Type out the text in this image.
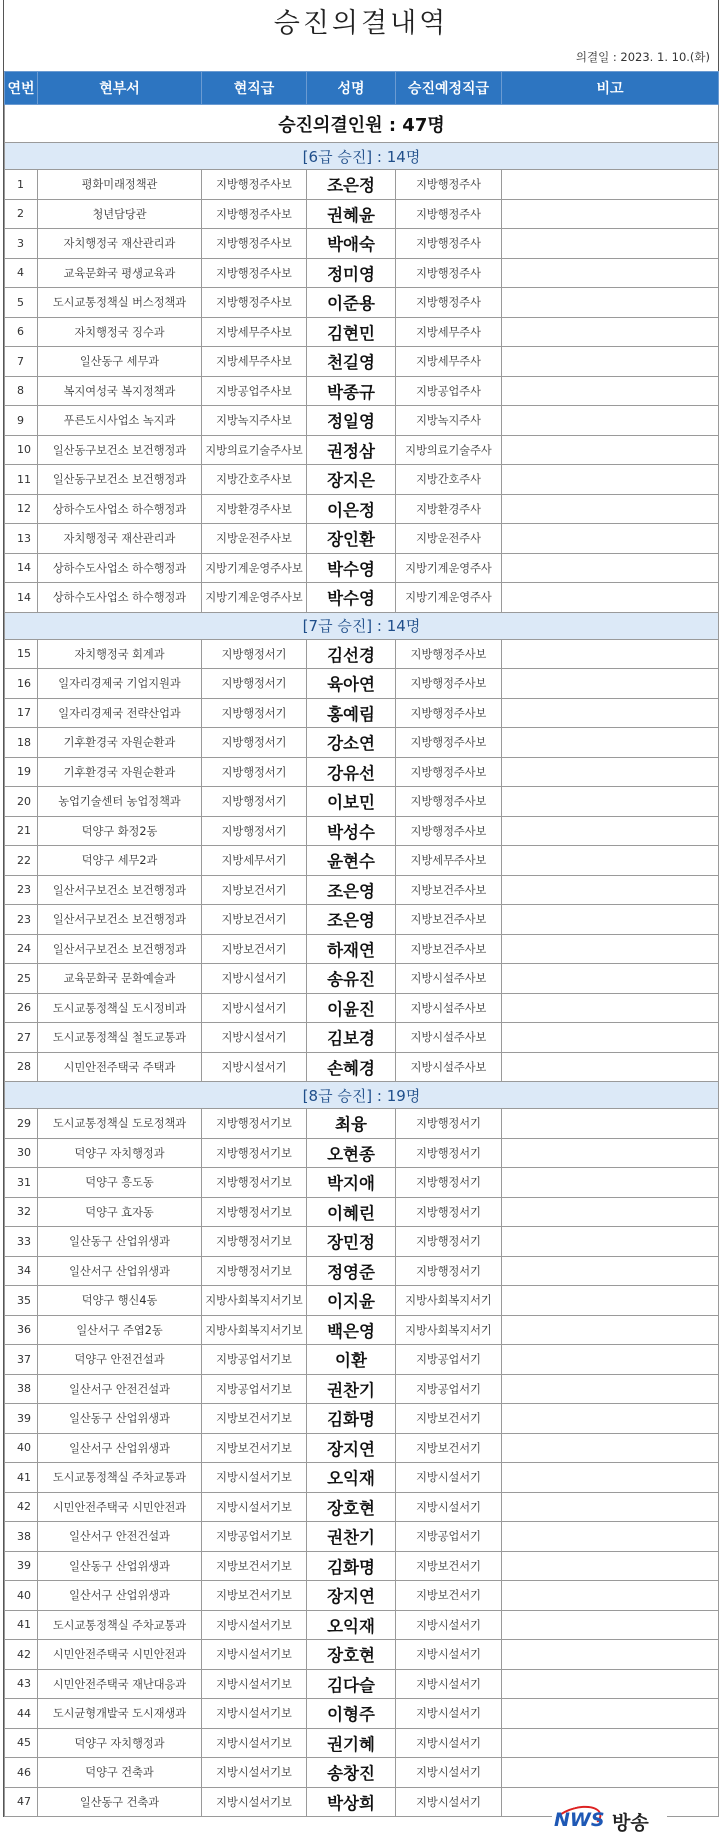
승진의결내역
의결일 : 2023. 1. 10.(화)
연번	현부서	현직급	성명	승진예정직급	비고
승진의결인원 : 47명					
[6급 승진] : 14명					
1	평화미래정책관	지방행정주사보	조은정	지방행정주사	
2	청년담당관	지방행정주사보	권혜윤	지방행정주사	
3	자치행정국 재산관리과	지방행정주사보	박애숙	지방행정주사	
4	교육문화국 평생교육과	지방행정주사보	정미영	지방행정주사	
5	도시교통정책실 버스정책과	지방행정주사보	이준용	지방행정주사	
6	자치행정국 징수과	지방세무주사보	김현민	지방세무주사	
7	일산동구 세무과	지방세무주사보	천길영	지방세무주사	
8	복지여성국 복지정책과	지방공업주사보	박종규	지방공업주사	
9	푸른도시사업소 녹지과	지방녹지주사보	정일영	지방녹지주사	
10	일산동구보건소 보건행정과	지방의료기술주사보	권정삼	지방의료기술주사	
11	일산동구보건소 보건행정과	지방간호주사보	장지은	지방간호주사	
12	상하수도사업소 하수행정과	지방환경주사보	이은정	지방환경주사	
13	자치행정국 재산관리과	지방운전주사보	장인환	지방운전주사	
14	상하수도사업소 하수행정과	지방기계운영주사보	박수영	지방기계운영주사	
14	상하수도사업소 하수행정과	지방기계운영주사보	박수영	지방기계운영주사	
[7급 승진] : 14명					
15	자치행정국 회계과	지방행정서기	김선경	지방행정주사보	
16	일자리경제국 기업지원과	지방행정서기	육아연	지방행정주사보	
17	일자리경제국 전략산업과	지방행정서기	홍예림	지방행정주사보	
18	기후환경국 자원순환과	지방행정서기	강소연	지방행정주사보	
19	기후환경국 자원순환과	지방행정서기	강유선	지방행정주사보	
20	농업기술센터 농업정책과	지방행정서기	이보민	지방행정주사보	
21	덕양구 화정2동	지방행정서기	박성수	지방행정주사보	
22	덕양구 세무2과	지방세무서기	윤현수	지방세무주사보	
23	일산서구보건소 보건행정과	지방보건서기	조은영	지방보건주사보	
23	일산서구보건소 보건행정과	지방보건서기	조은영	지방보건주사보	
24	일산서구보건소 보건행정과	지방보건서기	하재연	지방보건주사보	
25	교육문화국 문화예술과	지방시설서기	송유진	지방시설주사보	
26	도시교통정책실 도시정비과	지방시설서기	이윤진	지방시설주사보	
27	도시교통정책실 철도교통과	지방시설서기	김보경	지방시설주사보	
28	시민안전주택국 주택과	지방시설서기	손혜경	지방시설주사보	
[8급 승진] : 19명					
29	도시교통정책실 도로정책과	지방행정서기보	최융	지방행정서기	
30	덕양구 자치행정과	지방행정서기보	오현종	지방행정서기	
31	덕양구 흥도동	지방행정서기보	박지애	지방행정서기	
32	덕양구 효자동	지방행정서기보	이혜린	지방행정서기	
33	일산동구 산업위생과	지방행정서기보	장민정	지방행정서기	
34	일산서구 산업위생과	지방행정서기보	정영준	지방행정서기	
35	덕양구 행신4동	지방사회복지서기보	이지윤	지방사회복지서기	
36	일산서구 주엽2동	지방사회복지서기보	백은영	지방사회복지서기	
37	덕양구 안전건설과	지방공업서기보	이환	지방공업서기	
38	일산서구 안전건설과	지방공업서기보	권찬기	지방공업서기	
39	일산동구 산업위생과	지방보건서기보	김화명	지방보건서기	
40	일산서구 산업위생과	지방보건서기보	장지연	지방보건서기	
41	도시교통정책실 주차교통과	지방시설서기보	오익재	지방시설서기	
42	시민안전주택국 시민안전과	지방시설서기보	장호현	지방시설서기	
38	일산서구 안전건설과	지방공업서기보	권찬기	지방공업서기	
39	일산동구 산업위생과	지방보건서기보	김화명	지방보건서기	
40	일산서구 산업위생과	지방보건서기보	장지연	지방보건서기	
41	도시교통정책실 주차교통과	지방시설서기보	오익재	지방시설서기	
42	시민안전주택국 시민안전과	지방시설서기보	장호현	지방시설서기	
43	시민안전주택국 재난대응과	지방시설서기보	김다슬	지방시설서기	
44	도시균형개발국 도시재생과	지방시설서기보	이형주	지방시설서기	
45	덕양구 자치행정과	지방시설서기보	권기혜	지방시설서기	
46	덕양구 건축과	지방시설서기보	송창진	지방시설서기	
47	일산동구 건축과	지방시설서기보	박상희	지방시설서기	
NWS 방송
